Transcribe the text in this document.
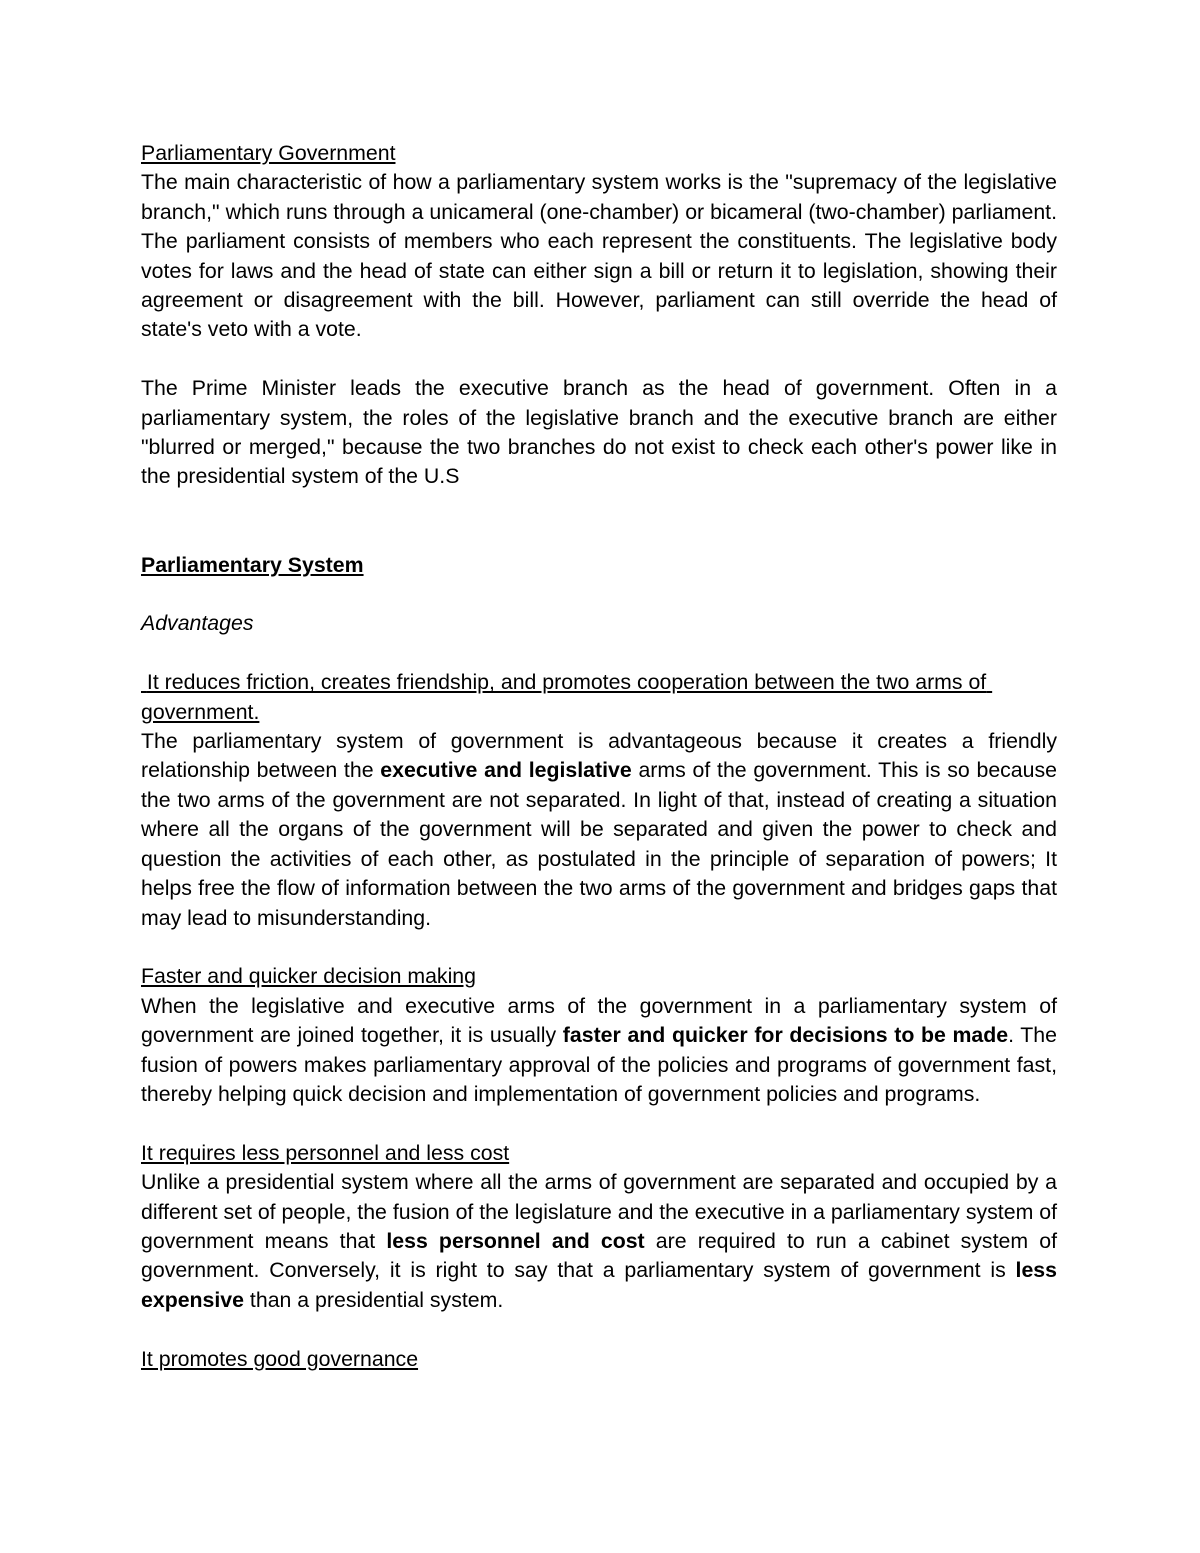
Parliamentary Government

The main characteristic of how a parliamentary system works is the "supremacy of the legislative branch," which runs through a unicameral (one-chamber) or bicameral (two-chamber) parliament. The parliament consists of members who each represent the constituents. The legislative body votes for laws and the head of state can either sign a bill or return it to legislation, showing their agreement or disagreement with the bill. However, parliament can still override the head of state's veto with a vote.

The Prime Minister leads the executive branch as the head of government. Often in a parliamentary system, the roles of the legislative branch and the executive branch are either "blurred or merged," because the two branches do not exist to check each other's power like in the presidential system of the U.S

Parliamentary System

Advantages

It reduces friction, creates friendship, and promotes cooperation between the two arms of government.

The parliamentary system of government is advantageous because it creates a friendly relationship between the executive and legislative arms of the government. This is so because the two arms of the government are not separated. In light of that, instead of creating a situation where all the organs of the government will be separated and given the power to check and question the activities of each other, as postulated in the principle of separation of powers; It helps free the flow of information between the two arms of the government and bridges gaps that may lead to misunderstanding.

Faster and quicker decision making

When the legislative and executive arms of the government in a parliamentary system of government are joined together, it is usually faster and quicker for decisions to be made. The fusion of powers makes parliamentary approval of the policies and programs of government fast, thereby helping quick decision and implementation of government policies and programs.

It requires less personnel and less cost

Unlike a presidential system where all the arms of government are separated and occupied by a different set of people, the fusion of the legislature and the executive in a parliamentary system of government means that less personnel and cost are required to run a cabinet system of government. Conversely, it is right to say that a parliamentary system of government is less expensive than a presidential system.

It promotes good governance
